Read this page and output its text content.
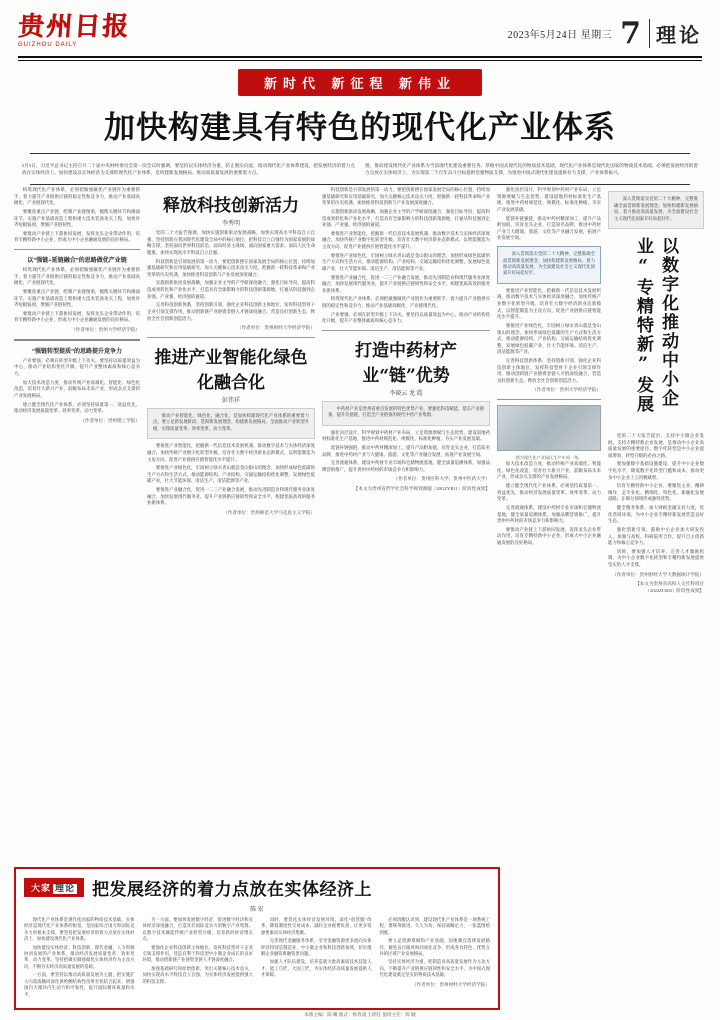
贵州日报
GUIZHOU DAILY
2023年5月24日 星期三 7 理论
新时代 新征程 新伟业
加快构建具有特色的现代化产业体系

5月5日，习近平总书记主持召开二十届中央财经委员会第一次会议时强调，要坚持以实体经济为重，防止脱实向虚，推动现代化产业体系建设，把发展经济的着力点放在实体经济上。加快建设以实体经济为支撑的现代化产业体系，是构建新发展格局、推动高质量发展的重要着力点。

理，推动建设现代化产业体系为当前现代化建设重要任务。厚植中国式现代化的物质技术基础，现代化产业体系是现代化国家的物质技术基础，必须把发展经济的着力点放在实体经济上，为实现第二个百年奋斗目标提供坚强物质支撑，为推进中国式现代化建设提供有力支撑，产业体系振兴。

构筑现代化产业体系，必须把做强做优产业链作为重要抓手，着力提升产业链供应链的稳定性和竞争力，推动产业基础高级化、产业链现代化。

要聚焦重点产业链，绘制产业链图谱，梳理关键环节和薄弱环节，实施产业基础再造工程和重大技术装备攻关工程，加快补齐短板弱项，增强产业链韧性。

要推动产业链上下游协同发展，发挥龙头企业带动作用，培育专精特新中小企业，形成大中小企业融通发展的良好格局。

以“强链+延链融合”的思路做优产业链

构筑现代化产业体系，必须把做强做优产业链作为重要抓手，着力提升产业链供应链的稳定性和竞争力，推动产业基础高级化、产业链现代化。

要聚焦重点产业链，绘制产业链图谱，梳理关键环节和薄弱环节，实施产业基础再造工程和重大技术装备攻关工程，加快补齐短板弱项，增强产业链韧性。

要推动产业链上下游协同发展，发挥龙头企业带动作用，培育专精特新中小企业，形成大中小企业融通发展的良好格局。

（作者单位：贵州大学经济学院）
“强链转型提质”的思路提升竞争力

产业要强，必须在转型升级上下功夫。要坚持以质量效益为中心，推动产业结构优化升级，提升产业整体素质和核心竞争力。

加大技术改造力度，推动传统产业高端化、智能化、绿色化改造，培育壮大新兴产业，前瞻布局未来产业，形成多点支撑的产业发展格局。

建立健全现代化产业体系，必须坚持质量第一、效益优先，推动经济发展质量变革、效率变革、动力变革。

（作者单位：贵州理工学院）
释放科技创新活力
李秀明

党的二十大报告强调，加快实施创新驱动发展战略。加快实现高水平科技自立自强，坚持创新在我国现代化建设全局中的核心地位，把科技自立自强作为国家发展的战略支撑，坚持面向世界科技前沿、面向经济主战场、面向国家重大需求、面向人民生命健康，加快实现高水平科技自立自强。

科技创新是引领发展的第一动力，要把创新摆在国家发展全局的核心位置，持续加强基础研究和应用基础研究，加大关键核心技术攻关力度，把握新一轮科技革命和产业变革的历史机遇，加快推进科技创新与产业发展深度融合。

实施创新驱动发展战略，加强企业主导的产学研深度融合，强化目标导向，提高科技成果转化和产业化水平，打造具有全球影响力的科技创新策源地，打通从科技强到企业强、产业强、经济强的通道。

完善科技创新体系，坚持创新引领，强化企业科技创新主体地位，发挥科技型骨干企业引领支撑作用，推动创新链产业链资金链人才链深度融合，营造良好创新生态，释放全社会创新创造活力。

（作者单位：贵州财经大学经济学院）
推进产业智能化绿色化融合化
彭伟祥

推动产业智能化、绿色化、融合化，是加快构建现代化产业体系的重要着力点，要立足新发展阶段、贯彻新发展理念、构建新发展格局，全面推动产业转型升级，实现质量变革、效率变革、动力变革。

要推进产业智能化，把握新一代信息技术发展机遇，推动数字技术与实体经济深度融合，加快传统产业数字化转型升级，培育壮大数字经济新业态新模式，以智能制造为主攻方向，促进产业链供应链智能化水平提升。

要推进产业绿色化，牢固树立绿水青山就是金山银山的理念，加快形成绿色低碳的生产方式和生活方式，推动能源结构、产业结构、交通运输结构优化调整，发展绿色低碳产业，壮大节能环保、清洁生产、清洁能源等产业。

要推进产业融合化，促进一二三产业融合发展，推动先进制造业和现代服务业深度融合，加快发展现代服务业，提升产业链供应链韧性和安全水平，构建优质高效的服务业新体系。

（作者单位：贵州师范大学马克思主义学院）

科技创新是引领发展的第一动力，要把创新摆在国家发展全局的核心位置，持续加强基础研究和应用基础研究，加大关键核心技术攻关力度，把握新一轮科技革命和产业变革的历史机遇，加快推进科技创新与产业发展深度融合。

实施创新驱动发展战略，加强企业主导的产学研深度融合，强化目标导向，提高科技成果转化和产业化水平，打造具有全球影响力的科技创新策源地，打通从科技强到企业强、产业强、经济强的通道。

要推进产业智能化，把握新一代信息技术发展机遇，推动数字技术与实体经济深度融合，加快传统产业数字化转型升级，培育壮大数字经济新业态新模式，以智能制造为主攻方向，促进产业链供应链智能化水平提升。

要推进产业绿色化，牢固树立绿水青山就是金山银山的理念，加快形成绿色低碳的生产方式和生活方式，推动能源结构、产业结构、交通运输结构优化调整，发展绿色低碳产业，壮大节能环保、清洁生产、清洁能源等产业。

要推进产业融合化，促进一二三产业融合发展，推动先进制造业和现代服务业深度融合，加快发展现代服务业，提升产业链供应链韧性和安全水平，构建优质高效的服务业新体系。

构筑现代化产业体系，必须把做强做优产业链作为重要抓手，着力提升产业链供应链的稳定性和竞争力，推动产业基础高级化、产业链现代化。

产业要强，必须在转型升级上下功夫。要坚持以质量效益为中心，推动产业结构优化升级，提升产业整体素质和核心竞争力。

打造中药材产业“链”优势
李晓云 龙 霞

中药材产业是贵州省重点发展的特色优势产业，要强化科技赋能，延长产业链条，提升价值链，打造全产业链条的现代中药产业集群。

强化顶层设计，科学规划中药材产业布局，立足资源禀赋与生态优势，建设道地药材标准化生产基地，推进中药材规范化、规模化、标准化种植，夯实产业发展基础。

延链补链强链，推动中药材精深加工，提升产品附加值，培育龙头企业，打造知名品牌，推进中药材产业与大健康、旅游、文化等产业融合发展，拓展产业发展空间。

完善流通体系，建设中药材专业市场和仓储物流基地，健全质量追溯体系，加强品牌营销推广，提升贵州中药材的市场竞争力和影响力。

（作者单位：贵州医科大学；贵州中医药大学）
【本文为贵州省哲学社会科学规划课题（20GZYB11）阶段性成果】

强化顶层设计，科学规划中药材产业布局，立足资源禀赋与生态优势，建设道地药材标准化生产基地，推进中药材规范化、规模化、标准化种植，夯实产业发展基础。

延链补链强链，推动中药材精深加工，提升产品附加值，培育龙头企业，打造知名品牌，推进中药材产业与大健康、旅游、文化等产业融合发展，拓展产业发展空间。

深入贯彻落实党的二十大精神，完整准确全面贯彻新发展理念，加快构建新发展格局，着力推动高质量发展，为全面建设社会主义现代化国家开好局起好步。

要推进产业智能化，把握新一代信息技术发展机遇，推动数字技术与实体经济深度融合，加快传统产业数字化转型升级，培育壮大数字经济新业态新模式，以智能制造为主攻方向，促进产业链供应链智能化水平提升。

要推进产业绿色化，牢固树立绿水青山就是金山银山的理念，加快形成绿色低碳的生产方式和生活方式，推动能源结构、产业结构、交通运输结构优化调整，发展绿色低碳产业，壮大节能环保、清洁生产、清洁能源等产业。

完善科技创新体系，坚持创新引领，强化企业科技创新主体地位，发挥科技型骨干企业引领支撑作用，推动创新链产业链资金链人才链深度融合，营造良好创新生态，释放全社会创新创造活力。

（作者单位：贵州大学经济学院）
图为现代化产业园区生产车间一角。

加大技术改造力度，推动传统产业高端化、智能化、绿色化改造，培育壮大新兴产业，前瞻布局未来产业，形成多点支撑的产业发展格局。

建立健全现代化产业体系，必须坚持质量第一、效益优先，推动经济发展质量变革、效率变革、动力变革。

完善流通体系，建设中药材专业市场和仓储物流基地，健全质量追溯体系，加强品牌营销推广，提升贵州中药材的市场竞争力和影响力。

要推动产业链上下游协同发展，发挥龙头企业带动作用，培育专精特新中小企业，形成大中小企业融通发展的良好格局。

深入贯彻落实党的二十大精神，完整准确全面贯彻新发展理念，加快构建新发展格局，着力推动高质量发展，为全面建设社会主义现代化国家开好局起好步。

以数字化推动中小企业“专精特新”发展

党的二十大报告提出，支持中小微企业发展。支持专精特新企业发展，是推动中小企业高质量发展的重要途径。数字化转型是中小企业提质增效、转型升级的必由之路。

要加强数字基础设施建设，提升中小企业数字化水平，降低数字化转型门槛和成本，推动更多中小企业上云用数赋智。

培育专精特新中小企业，要聚焦主业、精耕细作，走专业化、精细化、特色化、新颖化发展道路，在细分领域形成独特优势。

健全服务体系，加大财税金融支持力度，优化营商环境，为中小企业专精特新发展营造良好生态。

强化创新引领，鼓励中小企业加大研发投入，加强与高校、科研院所合作，提升自主创新能力和核心竞争力。

同时，要加强人才培养，完善人才激励机制，为中小企业数字化转型和专精特新发展提供坚实的人才支撑。

（作者单位：贵州财经大学大数据统计学院）
【本文为贵州省高校人文社科项目（2022ZC004）阶段性成果】
大家 理论	把发展经济的着力点放在实体经济上
陈 宏

现代化产业体系是现代化国家的物质技术基础。实体经济是现代化产业体系的根基，是国家综合国力和国际竞争力的根本支撑。要坚持把发展经济的着力点放在实体经济上，加快建设现代化产业体系。

加快建设实体经济、科技创新、现代金融、人力资源协同发展的产业体系，推动经济发展质量变革、效率变革、动力变革。坚持把做实做强做优实体经济作为主攻方向，不断夯实经济高质量发展的基础。

一方面，要坚持以推动高质量发展为主题，把实施扩大内需战略同深化供给侧结构性改革有机结合起来，增强国内大循环内生动力和可靠性，提升国际循环质量和水平。

另一方面，要加快发展数字经济，促进数字经济和实体经济深度融合，打造具有国际竞争力的数字产业集群。以数字技术赋能传统产业转型升级，培育新的经济增长点。

要强化企业科技创新主体地位，发挥科技型骨干企业引领支撑作用，营造有利于科技型中小微企业成长的良好环境，推动创新链产业链资金链人才链深度融合。

加强基础研究和原始创新，突出关键核心技术攻关，加快实现高水平科技自立自强，为实体经济发展提供强大的科技支撑。

同时，要优化实体经济发展环境，深化“放管服”改革，降低制度性交易成本，减轻企业税费负担，让更多资源要素向实体经济集聚。

完善现代金融服务体系，引导金融资源更多流向实体经济特别是制造业、中小微企业和科技创新领域，切实缓解企业融资难融资贵问题。

加强人才队伍建设，培养造就大批高素质技术技能人才、能工巧匠、大国工匠，为实体经济高质量发展提供人才保障。

必须清醒认识到，建设现代化产业体系是一项系统工程，要统筹推进，久久为功，保持战略定力，一张蓝图绘到底。

要立足资源禀赋和产业基础，因地制宜选择发展路径，避免盲目跟风和同质化竞争，形成各具特色、优势互补的区域产业发展格局。

坚持实体经济为重，把制造业高质量发展作为主攻方向，不断提升产业链供应链韧性和安全水平，为中国式现代化建设奠定坚实的物质技术基础。

（作者单位：贵州财经大学经济学院）
本版主编：陈 曦 版式：杨春凌 王朗任 值班主任：陈 毓
